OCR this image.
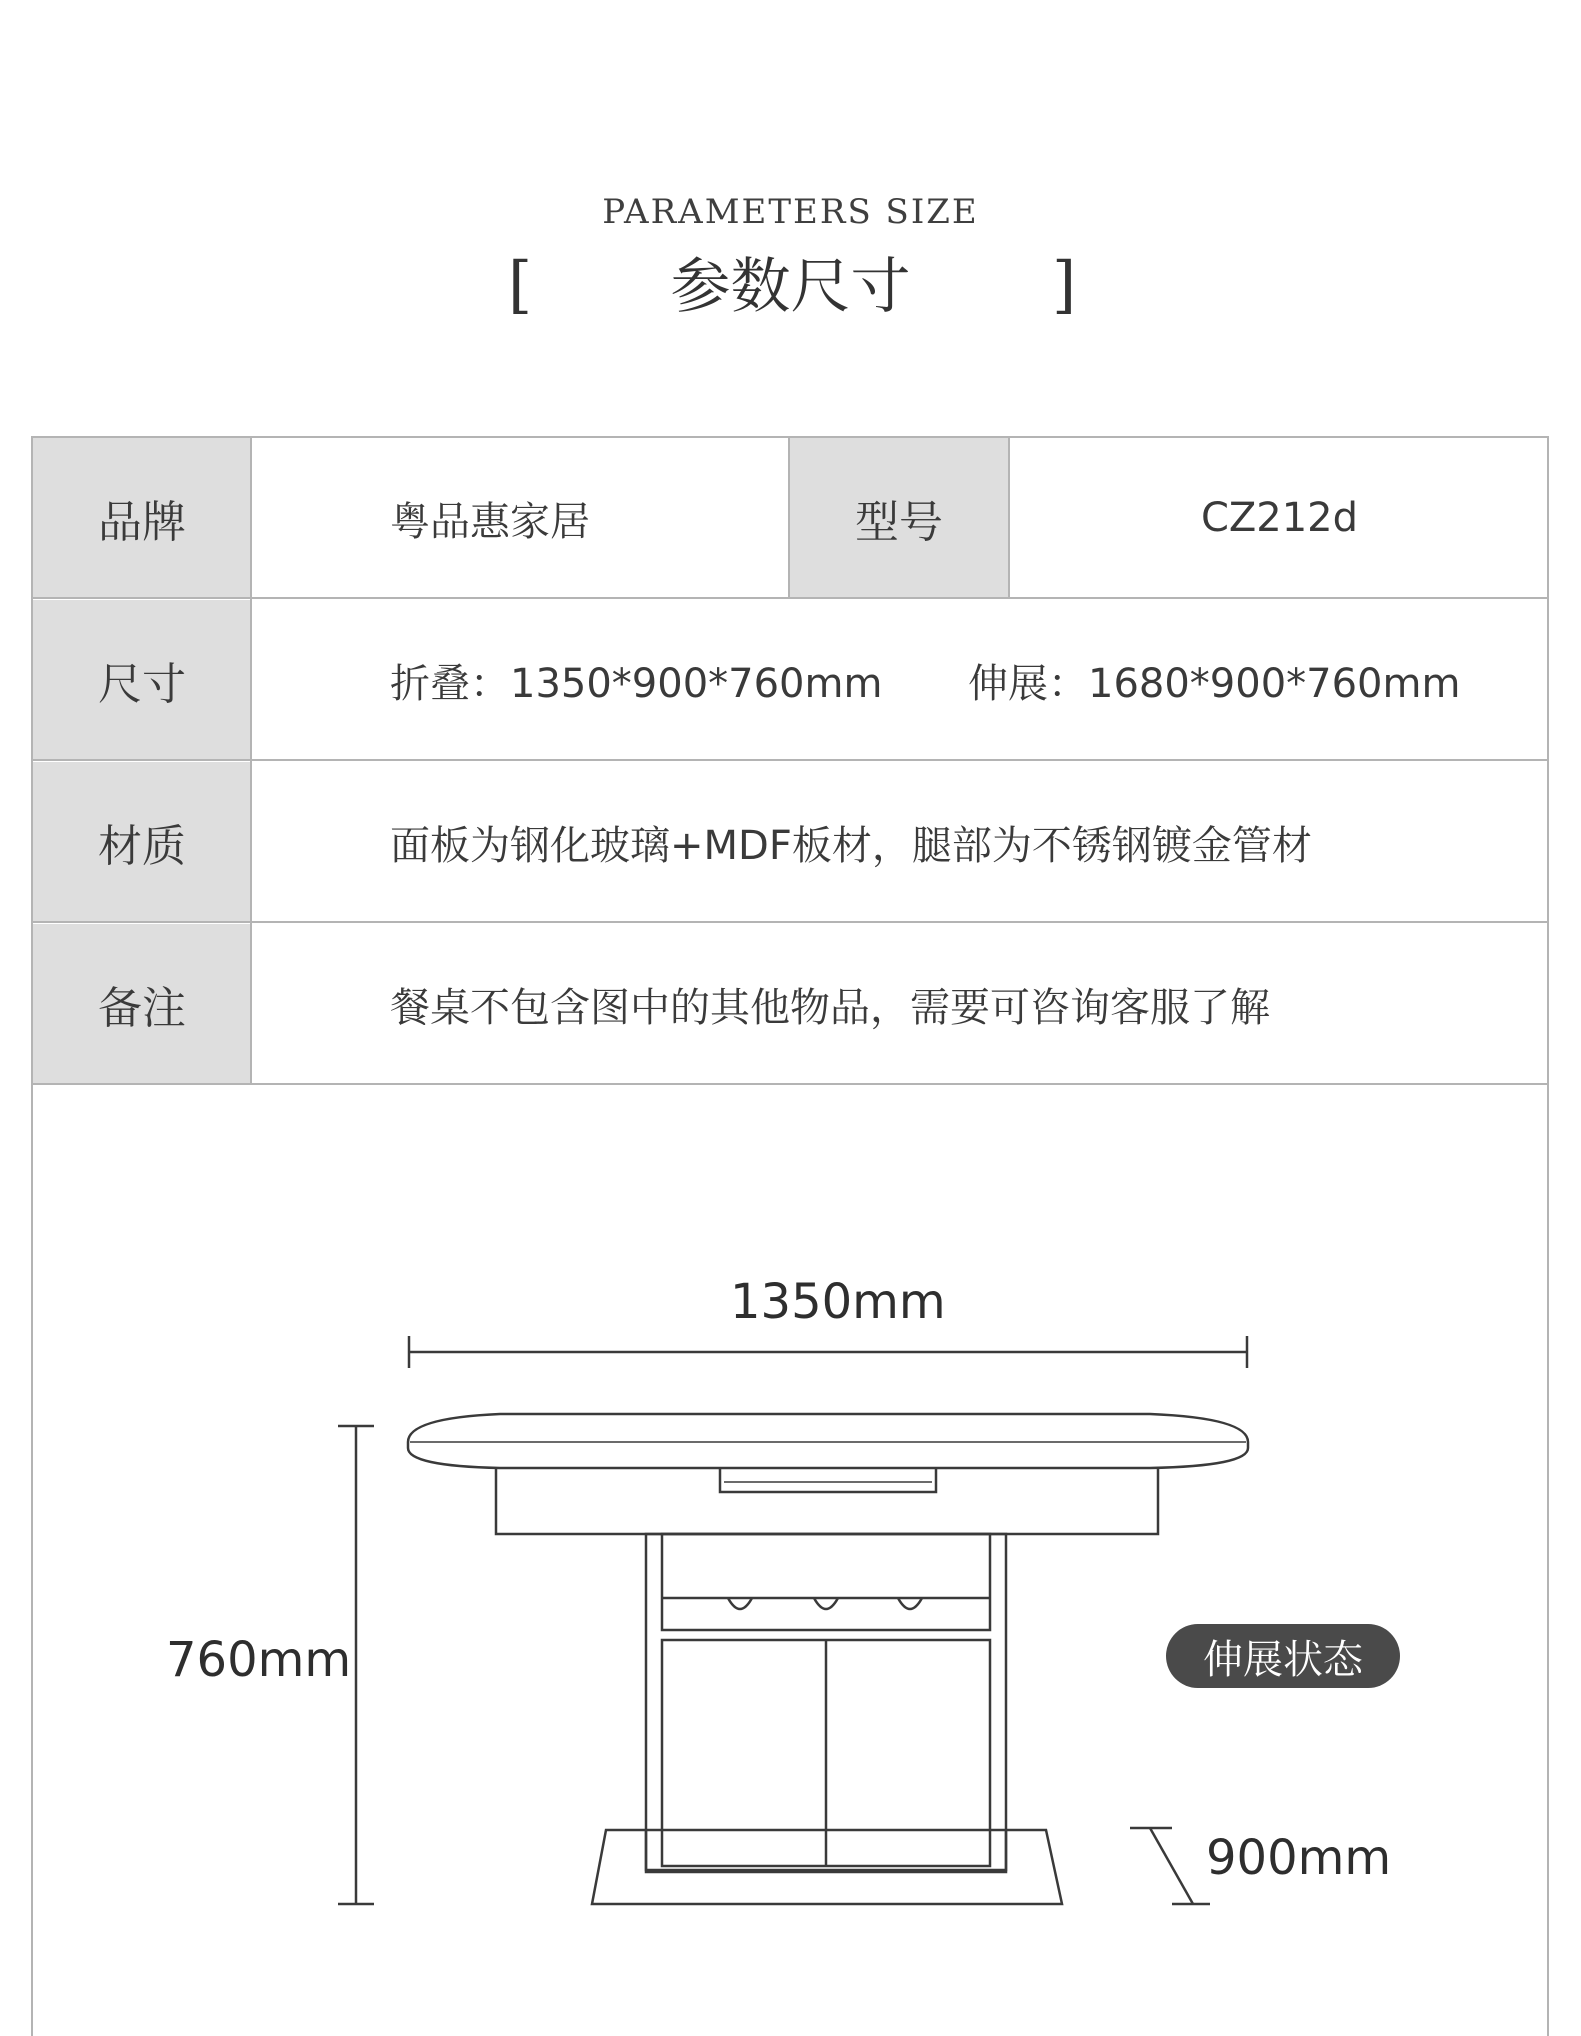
PARAMETERS SIZE
[	参数尺寸	]
品牌	粤品惠家居	型号	CZ212d
尺寸	折叠：1350*900*760mm 伸展：1680*900*760mm
材质	面板为钢化玻璃+MDF板材，腿部为不锈钢镀金管材
备注	餐桌不包含图中的其他物品，需要可咨询客服了解
1350mm
760mm
900mm
伸展状态
